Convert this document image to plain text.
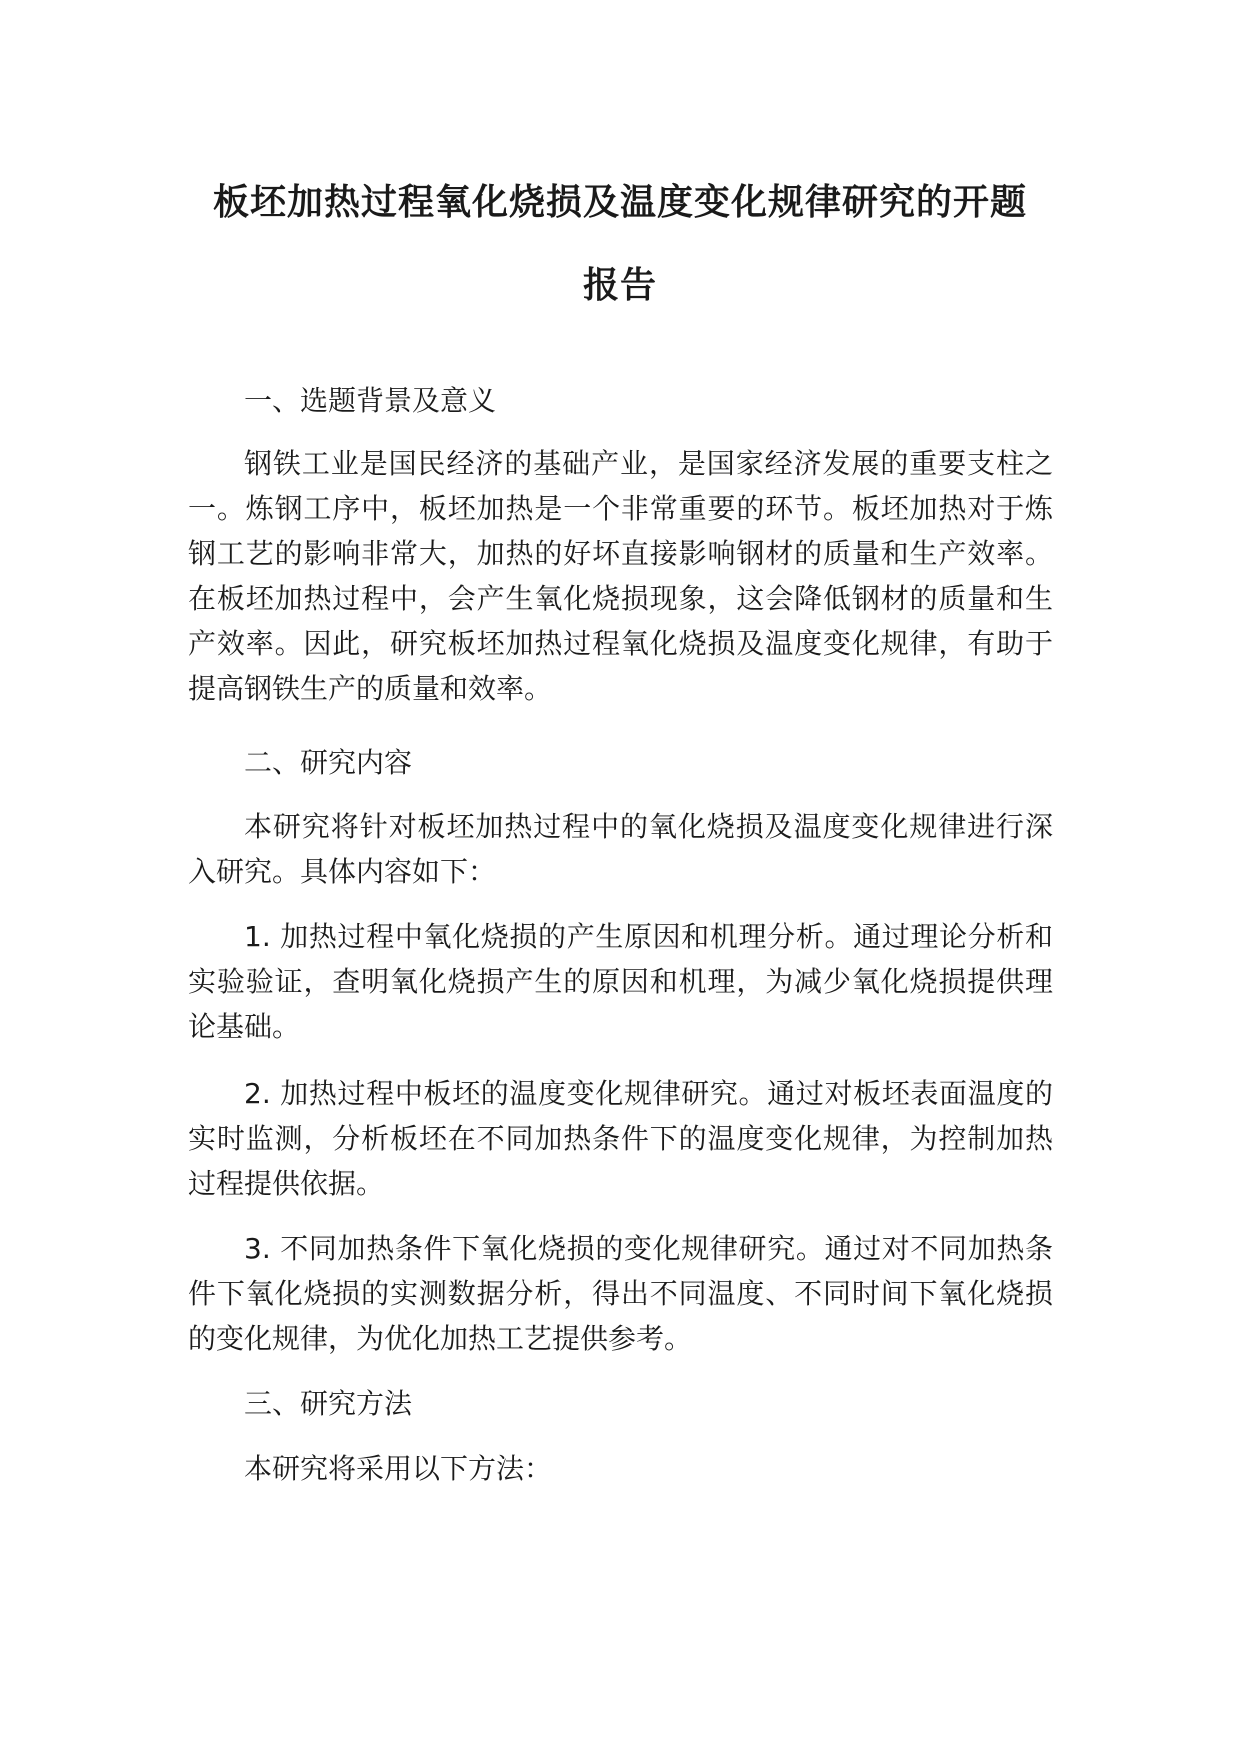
板坯加热过程氧化烧损及温度变化规律研究的开题
报告

一、选题背景及意义

钢铁工业是国民经济的基础产业，是国家经济发展的重要支柱之一。炼钢工序中，板坯加热是一个非常重要的环节。板坯加热对于炼钢工艺的影响非常大，加热的好坏直接影响钢材的质量和生产效率。在板坯加热过程中，会产生氧化烧损现象，这会降低钢材的质量和生产效率。因此，研究板坯加热过程氧化烧损及温度变化规律，有助于提高钢铁生产的质量和效率。

二、研究内容

本研究将针对板坯加热过程中的氧化烧损及温度变化规律进行深入研究。具体内容如下：

1. 加热过程中氧化烧损的产生原因和机理分析。通过理论分析和实验验证，查明氧化烧损产生的原因和机理，为减少氧化烧损提供理论基础。

2. 加热过程中板坯的温度变化规律研究。通过对板坯表面温度的实时监测，分析板坯在不同加热条件下的温度变化规律，为控制加热过程提供依据。

3. 不同加热条件下氧化烧损的变化规律研究。通过对不同加热条件下氧化烧损的实测数据分析，得出不同温度、不同时间下氧化烧损的变化规律，为优化加热工艺提供参考。

三、研究方法

本研究将采用以下方法：
